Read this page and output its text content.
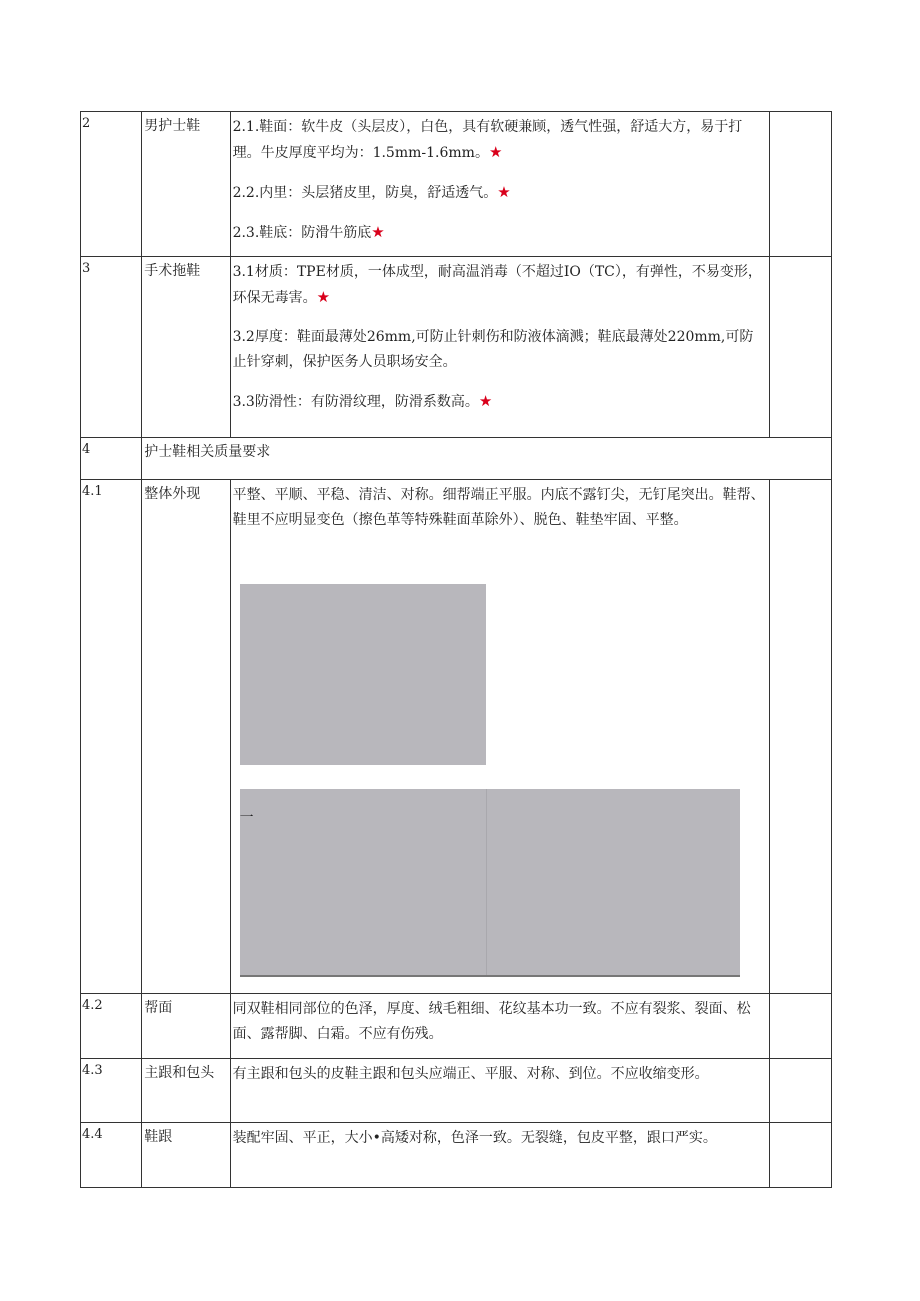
2	男护士鞋	2.1.鞋面：软牛皮（头层皮），白色，具有软硬兼顾，透气性强，舒适大方，易于打理。牛皮厚度平均为：1.5mm-1.6mm。★

2.2.内里：头层猪皮里，防臭，舒适透气。★

2.3.鞋底：防滑牛筋底★	

3	手术拖鞋	3.1材质：TPE材质，一体成型，耐高温消毒（不超过IO（TC），有弹性，不易变形，环保无毒害。★

3.2厚度：鞋面最薄处26mm,可防止针刺伤和防液体滴溅；鞋底最薄处220mm,可防止针穿刺，保护医务人员职场安全。

3.3防滑性：有防滑纹理，防滑系数高。★	

4	护士鞋相关质量要求		

4.1	整体外现	平整、平顺、平稳、清洁、对称。细帮端正平服。内底不露钉尖，无钉尾突出。鞋帮、鞋里不应明显变色（擦色革等特殊鞋面革除外）、脱色、鞋垫牢固、平整。
一	

4.2	帮面	同双鞋相同部位的色泽，厚度、绒毛粗细、花纹基本功一致。不应有裂浆、裂面、松面、露帮脚、白霜。不应有伤残。	

4.3	主跟和包头	有主跟和包头的皮鞋主跟和包头应端正、平服、对称、到位。不应收缩变形。	

4.4	鞋跟	装配牢固、平正，大小•高矮对称，色泽一致。无裂缝，包皮平整，跟口严实。	
